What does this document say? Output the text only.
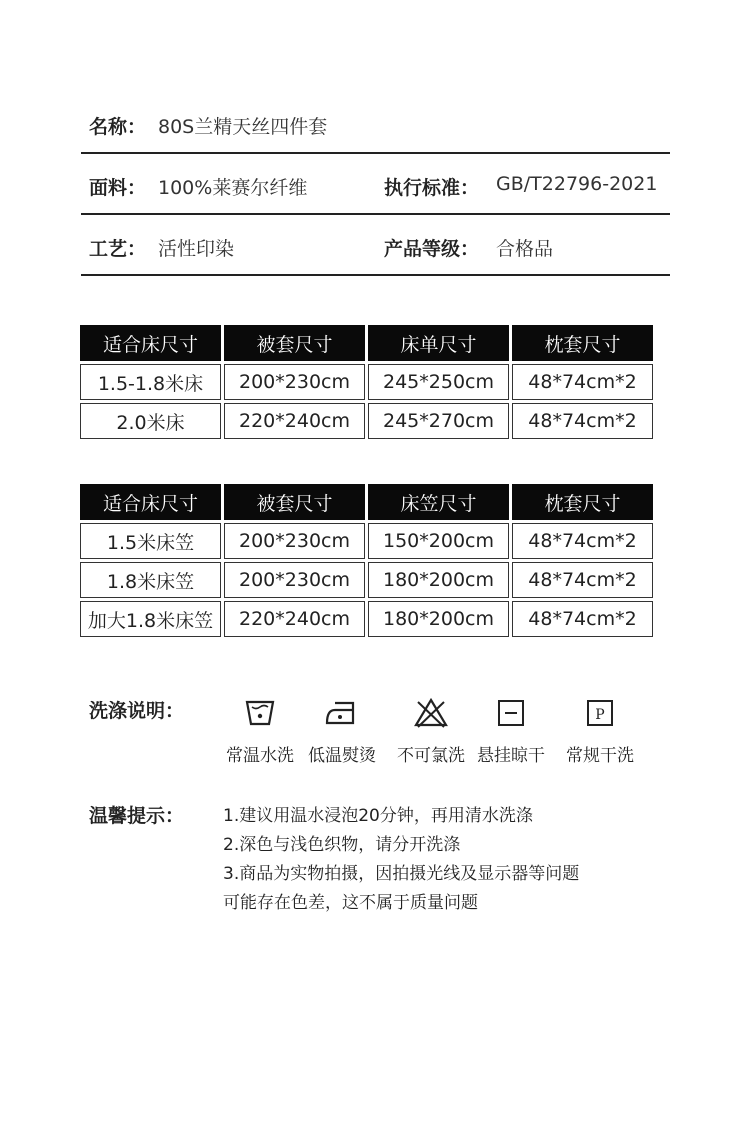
名称： 80S兰精天丝四件套
面料： 100%莱赛尔纤维	执行标准： GB/T22796-2021
工艺： 活性印染	产品等级： 合格品
适合床尺寸	被套尺寸	床单尺寸	枕套尺寸
1.5-1.8米床	200*230cm	245*250cm	48*74cm*2
2.0米床	220*240cm	245*270cm	48*74cm*2
适合床尺寸	被套尺寸	床笠尺寸	枕套尺寸
1.5米床笠	200*230cm	150*200cm	48*74cm*2
1.8米床笠	200*230cm	180*200cm	48*74cm*2
加大1.8米床笠	220*240cm	180*200cm	48*74cm*2
洗涤说明：
常温水洗 低温熨烫	不可氯洗 悬挂晾干
P
常规干洗
温馨提示： 1.建议用温水浸泡20分钟，再用清水洗涤
2.深色与浅色织物，请分开洗涤
3.商品为实物拍摄，因拍摄光线及显示器等问题
可能存在色差，这不属于质量问题
